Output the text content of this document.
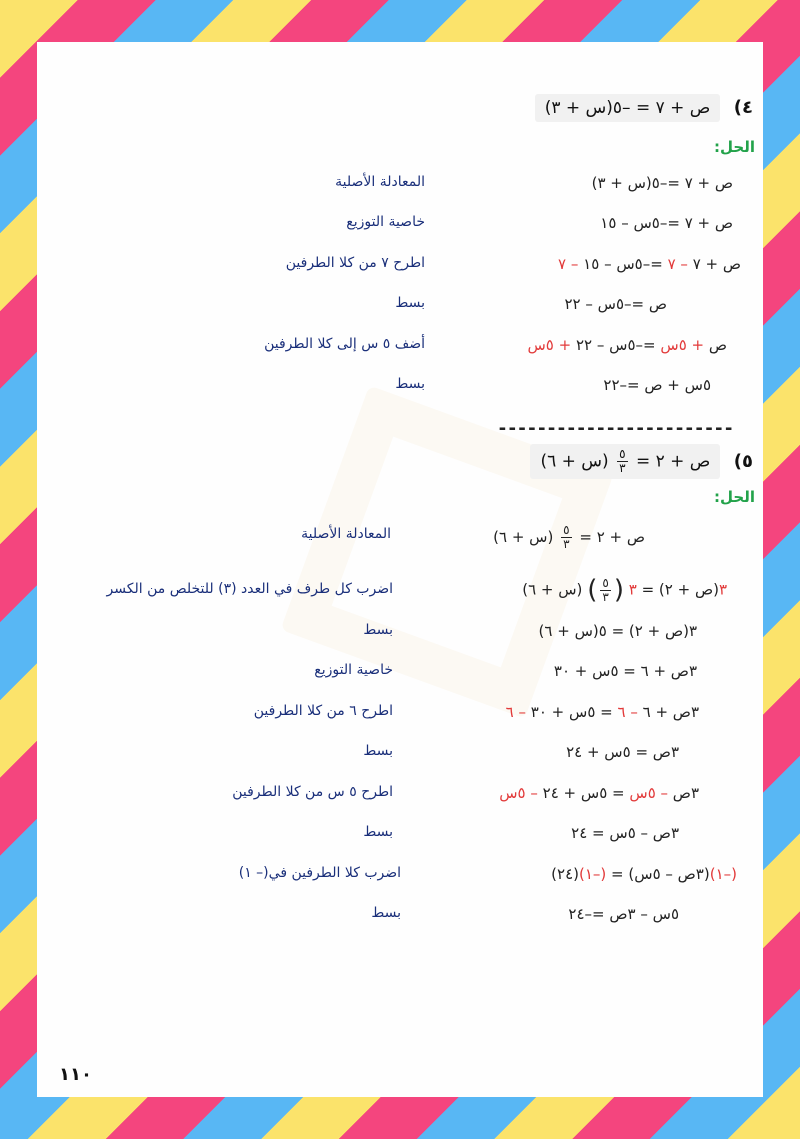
٤) ص + ٧ = –٥(س + ٣)
الحل:
ص + ٧ =–٥(س + ٣)
المعادلة الأصلية
ص + ٧ =–٥س – ١٥
خاصية التوزيع
ص + ٧ – ٧ =–٥س – ١٥ – ٧
اطرح ٧ من كلا الطرفين
ص =–٥س – ٢٢
بسط
ص + ٥س =–٥س – ٢٢ + ٥س
أضف ٥ س إلى كلا الطرفين
٥س + ص =–٢٢
بسط
------------------------
٥) ص + ٢ =
$\frac{٥}{٣}$
(س + ٦)
الحل:
ص + ٢ =
$\frac{٥}{٣}$
(س + ٦)
المعادلة الأصلية
٣(ص + ٢) = ٣ (
$\frac{٥}{٣}$
) (س + ٦)
اضرب كل طرف في العدد (٣) للتخلص من الكسر
٣(ص + ٢) = ٥(س + ٦)
بسط
٣ص + ٦ = ٥س + ٣٠
خاصية التوزيع
٣ص + ٦ – ٦ = ٥س + ٣٠ – ٦
اطرح ٦ من كلا الطرفين
٣ص = ٥س + ٢٤
بسط
٣ص – ٥س = ٥س + ٢٤ – ٥س
اطرح ٥ س من كلا الطرفين
٣ص – ٥س = ٢٤
بسط
(–١)(٣ص – ٥س) = (–١)(٢٤)
اضرب كلا الطرفين في(– ١)
٥س – ٣ص =–٢٤
بسط
١١٠
